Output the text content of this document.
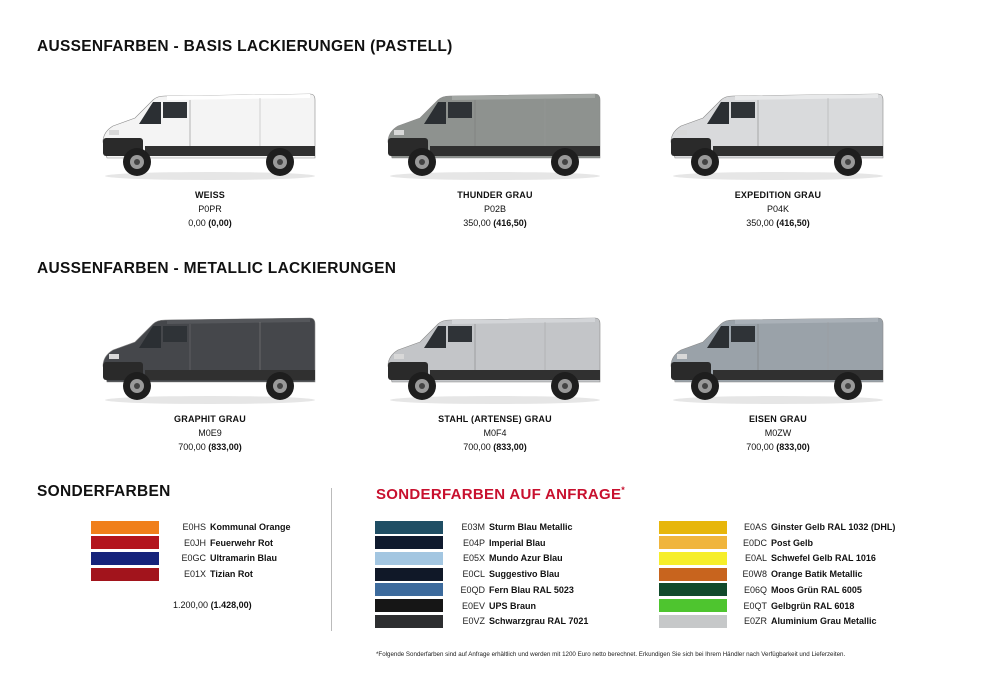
AUSSENFARBEN - BASIS LACKIERUNGEN (PASTELL)
AUSSENFARBEN - METALLIC LACKIERUNGEN
SONDERFARBEN
WEISS
P0PR
0,00 (0,00)
THUNDER GRAU
P02B
350,00 (416,50)
EXPEDITION GRAU
P04K
350,00 (416,50)
GRAPHIT GRAU
M0E9
700,00 (833,00)
STAHL (ARTENSE) GRAU
M0F4
700,00 (833,00)
EISEN GRAU
M0ZW
700,00 (833,00)
E0HS Kommunal Orange
E0JH Feuerwehr Rot
E0GC Ultramarin Blau
E01X Tizian Rot
1.200,00 (1.428,00)
SONDERFARBEN AUF ANFRAGE*
E03M Sturm Blau Metallic
E04P Imperial Blau
E05X Mundo Azur Blau
E0CL Suggestivo Blau
E0QD Fern Blau RAL 5023
E0EV UPS Braun
E0VZ Schwarzgrau RAL 7021
E0AS Ginster Gelb RAL 1032 (DHL)
E0DC Post Gelb
E0AL Schwefel Gelb RAL 1016
E0W8 Orange Batik Metallic
E06Q Moos Grün RAL 6005
E0QT Gelbgrün RAL 6018
E0ZR Aluminium Grau Metallic
*Folgende Sonderfarben sind auf Anfrage erhältlich und werden mit 1200 Euro netto berechnet. Erkundigen Sie sich bei Ihrem Händler nach Verfügbarkeit und Lieferzeiten.
